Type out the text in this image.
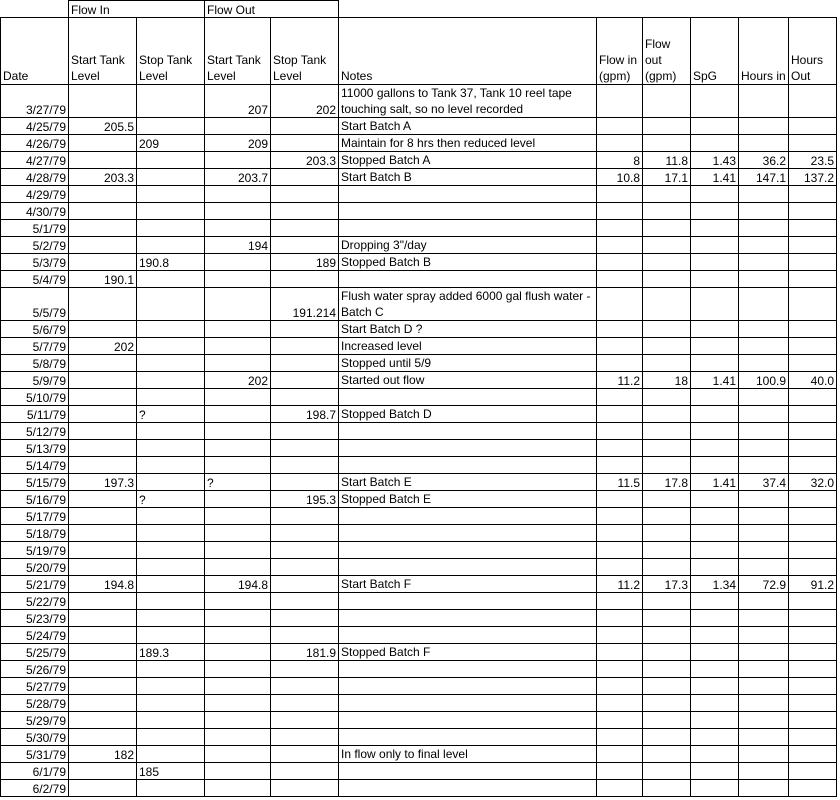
	Flow In		Flow Out							
Date	Start Tank Level	Stop Tank Level	Start Tank Level	Stop Tank Level	Notes	Flow in (gpm)	Flow out (gpm)	SpG	Hours in	Hours Out
3/27/79			207	202	11000 gallons to Tank 37, Tank 10 reel tape touching salt, so no level recorded					
4/25/79	205.5				Start Batch A					
4/26/79		209	209		Maintain for 8 hrs then reduced level					
4/27/79				203.3	Stopped Batch A	8	11.8	1.43	36.2	23.5
4/28/79	203.3		203.7		Start Batch B	10.8	17.1	1.41	147.1	137.2
4/29/79										
4/30/79										
5/1/79										
5/2/79			194		Dropping 3"/day					
5/3/79		190.8		189	Stopped Batch B					
5/4/79	190.1									
5/5/79				191.214	Flush water spray added 6000 gal flush water - Batch C					
5/6/79					Start Batch D ?					
5/7/79	202				Increased level					
5/8/79					Stopped until 5/9					
5/9/79			202		Started out flow	11.2	18	1.41	100.9	40.0
5/10/79										
5/11/79		?		198.7	Stopped Batch D					
5/12/79										
5/13/79										
5/14/79										
5/15/79	197.3		?		Start Batch E	11.5	17.8	1.41	37.4	32.0
5/16/79		?		195.3	Stopped Batch E					
5/17/79										
5/18/79										
5/19/79										
5/20/79										
5/21/79	194.8		194.8		Start Batch F	11.2	17.3	1.34	72.9	91.2
5/22/79										
5/23/79										
5/24/79										
5/25/79		189.3		181.9	Stopped Batch F					
5/26/79										
5/27/79										
5/28/79										
5/29/79										
5/30/79										
5/31/79	182				In flow only to final level					
6/1/79		185								
6/2/79										
